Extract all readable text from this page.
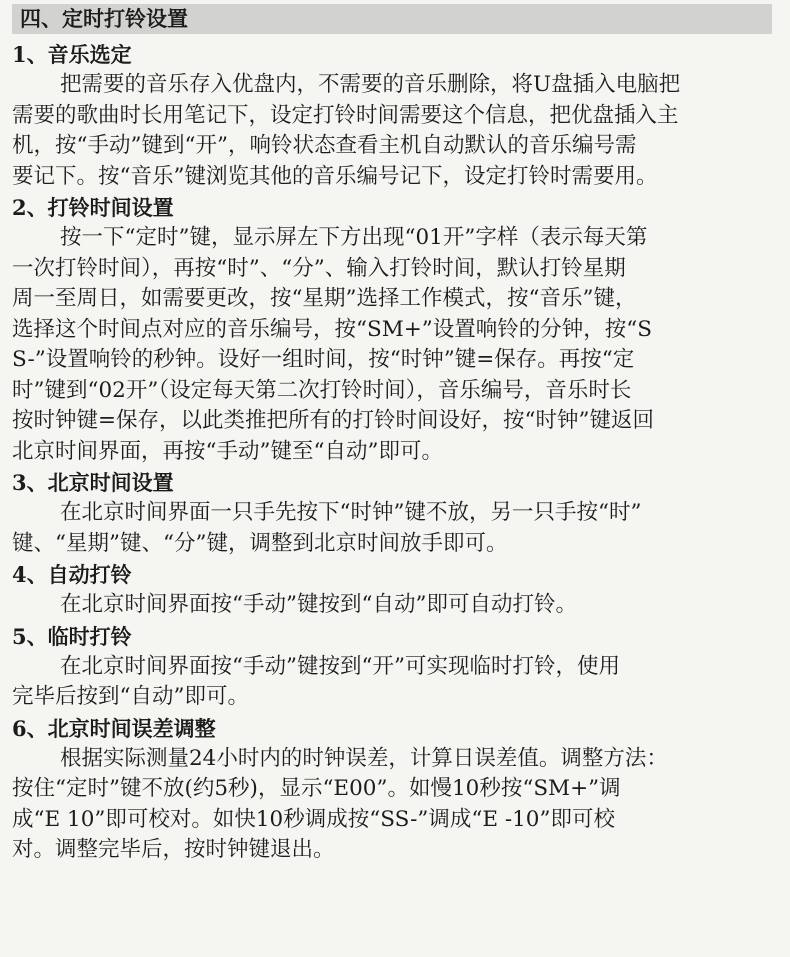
四、定时打铃设置
1、音乐选定

把需要的音乐存入优盘内，不需要的音乐删除，将U盘插入电脑把
需要的歌曲时长用笔记下，设定打铃时间需要这个信息，把优盘插入主
机，按“手动”键到“开”，响铃状态查看主机自动默认的音乐编号需
要记下。按“音乐”键浏览其他的音乐编号记下，设定打铃时需要用。

2、打铃时间设置

按一下“定时”键，显示屏左下方出现“01开”字样（表示每天第
一次打铃时间），再按“时”、“分”、输入打铃时间，默认打铃星期
周一至周日，如需要更改，按“星期”选择工作模式，按“音乐”键，
选择这个时间点对应的音乐编号，按“SM+”设置响铃的分钟，按“S
S-”设置响铃的秒钟。设好一组时间，按“时钟”键=保存。再按“定
时”键到“02开”（设定每天第二次打铃时间），音乐编号，音乐时长
按时钟键=保存，以此类推把所有的打铃时间设好，按“时钟”键返回
北京时间界面，再按“手动”键至“自动”即可。

3、北京时间设置

在北京时间界面一只手先按下“时钟”键不放，另一只手按“时”
键、“星期”键、“分”键，调整到北京时间放手即可。

4、自动打铃

在北京时间界面按“手动”键按到“自动”即可自动打铃。

5、临时打铃

在北京时间界面按“手动”键按到“开”可实现临时打铃，使用
完毕后按到“自动”即可。

6、北京时间误差调整

根据实际测量24小时内的时钟误差，计算日误差值。调整方法：
按住“定时”键不放(约5秒)，显示“E00”。如慢10秒按“SM+”调
成“E 10”即可校对。如快10秒调成按“SS-”调成“E -10”即可校
对。调整完毕后，按时钟键退出。
